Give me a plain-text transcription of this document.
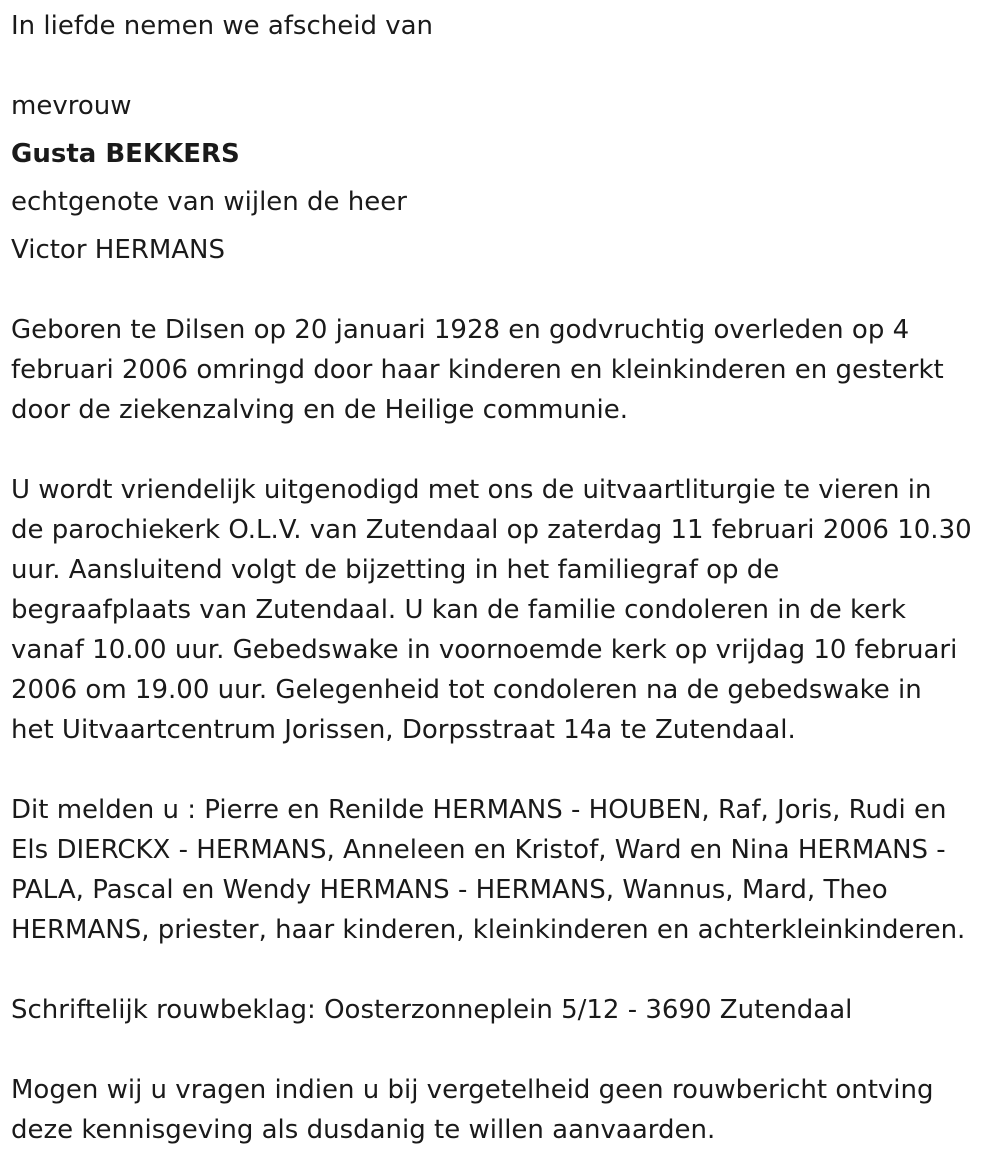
In liefde nemen we afscheid van
mevrouw
Gusta BEKKERS
echtgenote van wijlen de heer
Victor HERMANS
Geboren te Dilsen op 20 januari 1928 en godvruchtig overleden op 4
februari 2006 omringd door haar kinderen en kleinkinderen en gesterkt
door de ziekenzalving en de Heilige communie.
U wordt vriendelijk uitgenodigd met ons de uitvaartliturgie te vieren in
de parochiekerk O.L.V. van Zutendaal op zaterdag 11 februari 2006 10.30
uur. Aansluitend volgt de bijzetting in het familiegraf op de
begraafplaats van Zutendaal. U kan de familie condoleren in de kerk
vanaf 10.00 uur. Gebedswake in voornoemde kerk op vrijdag 10 februari
2006 om 19.00 uur. Gelegenheid tot condoleren na de gebedswake in
het Uitvaartcentrum Jorissen, Dorpsstraat 14a te Zutendaal.
Dit melden u : Pierre en Renilde HERMANS - HOUBEN, Raf, Joris, Rudi en
Els DIERCKX - HERMANS, Anneleen en Kristof, Ward en Nina HERMANS -
PALA, Pascal en Wendy HERMANS - HERMANS, Wannus, Mard, Theo
HERMANS, priester, haar kinderen, kleinkinderen en achterkleinkinderen.
Schriftelijk rouwbeklag: Oosterzonneplein 5/12 - 3690 Zutendaal
Mogen wij u vragen indien u bij vergetelheid geen rouwbericht ontving
deze kennisgeving als dusdanig te willen aanvaarden.
